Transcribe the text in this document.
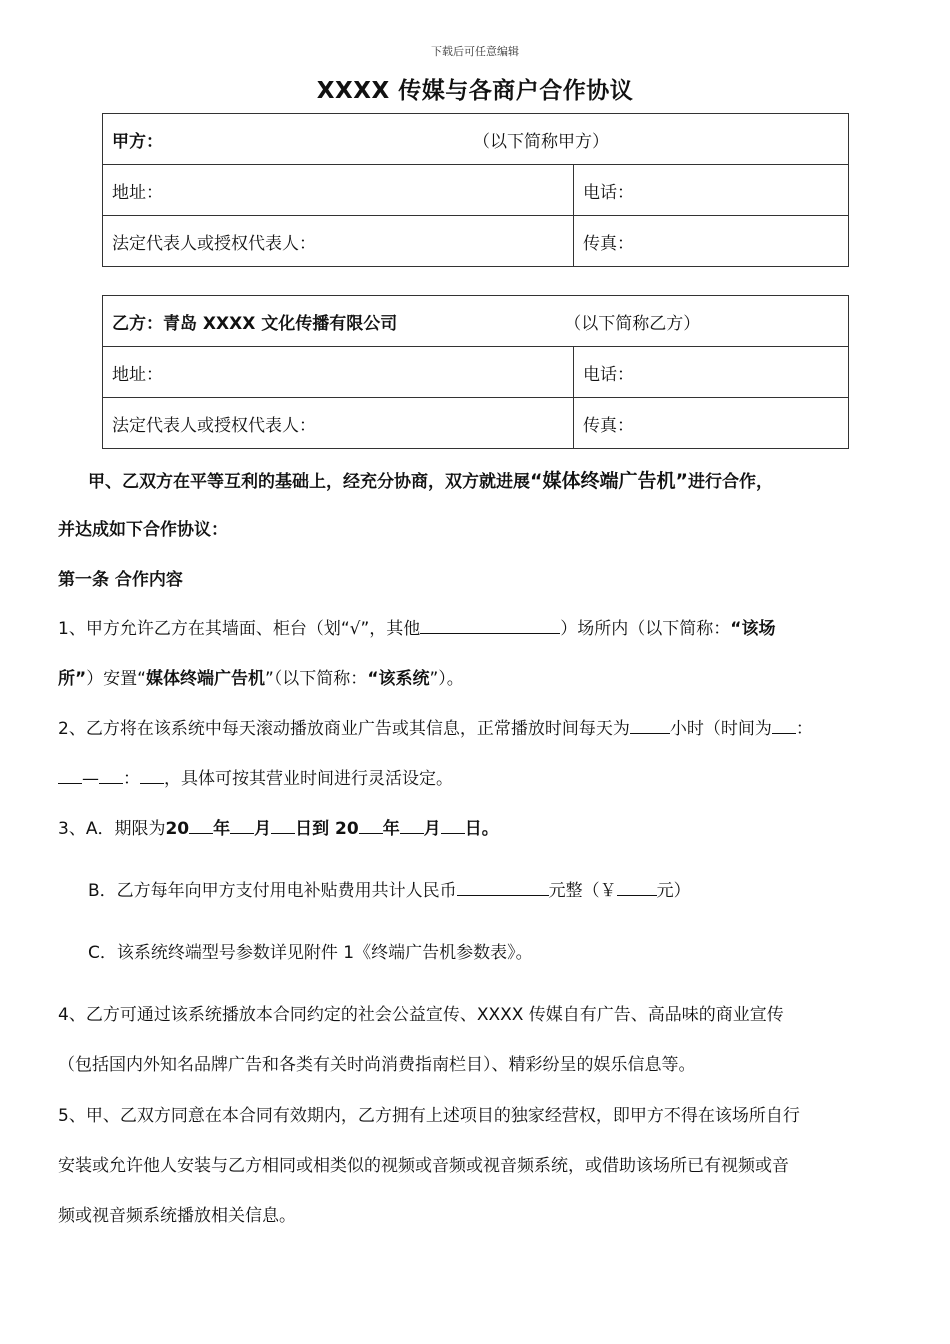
下载后可任意编辑
XXXX 传媒与各商户合作协议
甲方： （以下简称甲方）	
地址：	电话：
法定代表人或授权代表人：	传真：
乙方：青岛 XXXX 文化传播有限公司 （以下简称乙方）	
地址：	电话：
法定代表人或授权代表人：	传真：
甲、乙双方在平等互利的基础上，经充分协商，双方就进展“媒体终端广告机”进行合作，
并达成如下合作协议：
第一条 合作内容
1、甲方允许乙方在其墙面、柜台（划“√”，其他	）场所内（以下简称：“该场
所”）安置“媒体终端广告机”（以下简称：“该系统”）。
2、乙方将在该系统中每天滚动播放商业广告或其信息，正常播放时间每天为 小时（时间为 ：
— ： ，具体可按其营业时间进行灵活设定。
3、A．期限为20 年 月 日到 20 年 月 日。
B．乙方每年向甲方支付用电补贴费用共计人民币	元整（￥ 元）
C．该系统终端型号参数详见附件 1《终端广告机参数表》。
4、乙方可通过该系统播放本合同约定的社会公益宣传、XXXX 传媒自有广告、高品味的商业宣传
（包括国内外知名品牌广告和各类有关时尚消费指南栏目）、精彩纷呈的娱乐信息等。
5、甲、乙双方同意在本合同有效期内，乙方拥有上述项目的独家经营权，即甲方不得在该场所自行
安装或允许他人安装与乙方相同或相类似的视频或音频或视音频系统，或借助该场所已有视频或音
频或视音频系统播放相关信息。
